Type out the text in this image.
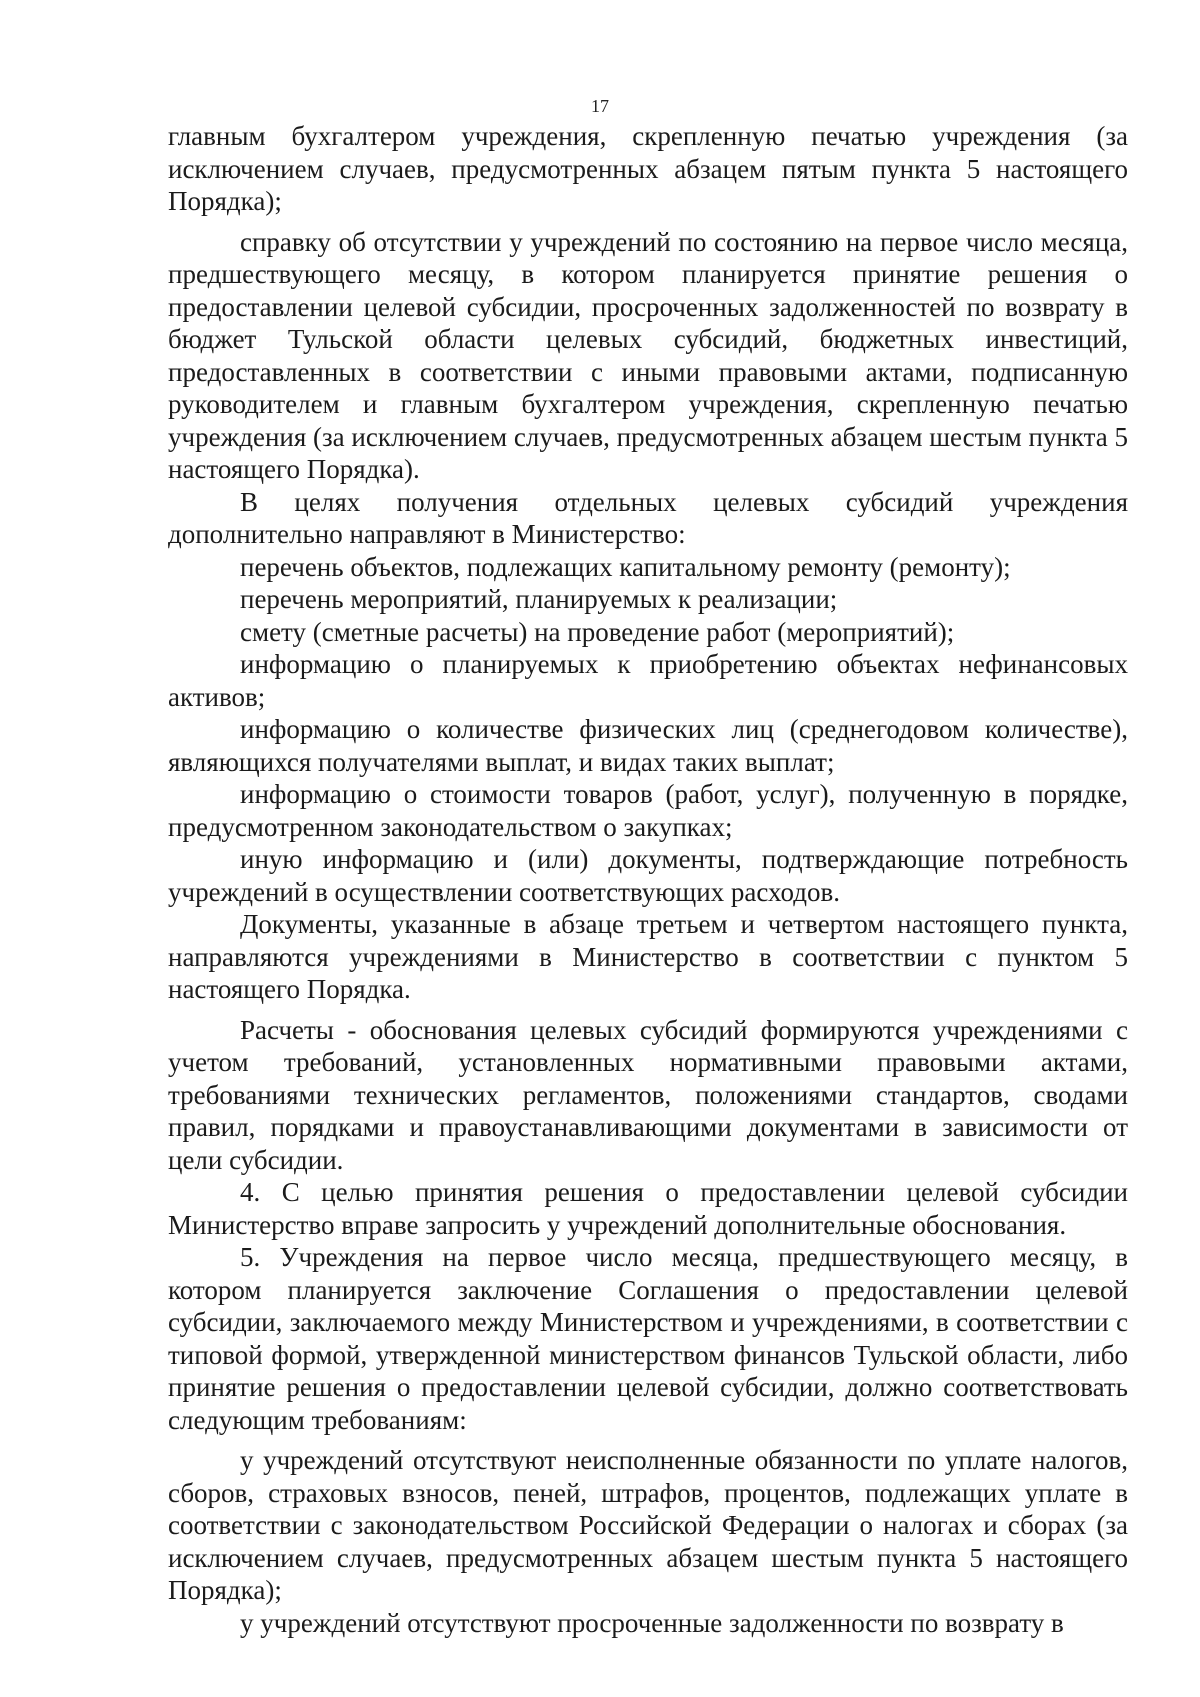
17

главным бухгалтером учреждения, скрепленную печатью учреждения (за исключением случаев, предусмотренных абзацем пятым пункта 5 настоящего Порядка);

справку об отсутствии у учреждений по состоянию на первое число месяца, предшествующего месяцу, в котором планируется принятие решения о предоставлении целевой субсидии, просроченных задолженностей по возврату в бюджет Тульской области целевых субсидий, бюджетных инвестиций, предоставленных в соответствии с иными правовыми актами, подписанную руководителем и главным бухгалтером учреждения, скрепленную печатью учреждения (за исключением случаев, предусмотренных абзацем шестым пункта 5 настоящего Порядка).

В целях получения отдельных целевых субсидий учреждения дополнительно направляют в Министерство:

перечень объектов, подлежащих капитальному ремонту (ремонту);

перечень мероприятий, планируемых к реализации;

смету (сметные расчеты) на проведение работ (мероприятий);

информацию о планируемых к приобретению объектах нефинансовых активов;

информацию о количестве физических лиц (среднегодовом количестве), являющихся получателями выплат, и видах таких выплат;

информацию о стоимости товаров (работ, услуг), полученную в порядке, предусмотренном законодательством о закупках;

иную информацию и (или) документы, подтверждающие потребность учреждений в осуществлении соответствующих расходов.

Документы, указанные в абзаце третьем и четвертом настоящего пункта, направляются учреждениями в Министерство в соответствии с пунктом 5 настоящего Порядка.

Расчеты - обоснования целевых субсидий формируются учреждениями с учетом требований, установленных нормативными правовыми актами, требованиями технических регламентов, положениями стандартов, сводами правил, порядками и правоустанавливающими документами в зависимости от цели субсидии.

4. С целью принятия решения о предоставлении целевой субсидии Министерство вправе запросить у учреждений дополнительные обоснования.

5. Учреждения на первое число месяца, предшествующего месяцу, в котором планируется заключение Соглашения о предоставлении целевой субсидии, заключаемого между Министерством и учреждениями, в соответствии с типовой формой, утвержденной министерством финансов Тульской области, либо принятие решения о предоставлении целевой субсидии, должно соответствовать следующим требованиям:

у учреждений отсутствуют неисполненные обязанности по уплате налогов, сборов, страховых взносов, пеней, штрафов, процентов, подлежащих уплате в соответствии с законодательством Российской Федерации о налогах и сборах (за исключением случаев, предусмотренных абзацем шестым пункта 5 настоящего Порядка);

у учреждений отсутствуют просроченные задолженности по возврату в
